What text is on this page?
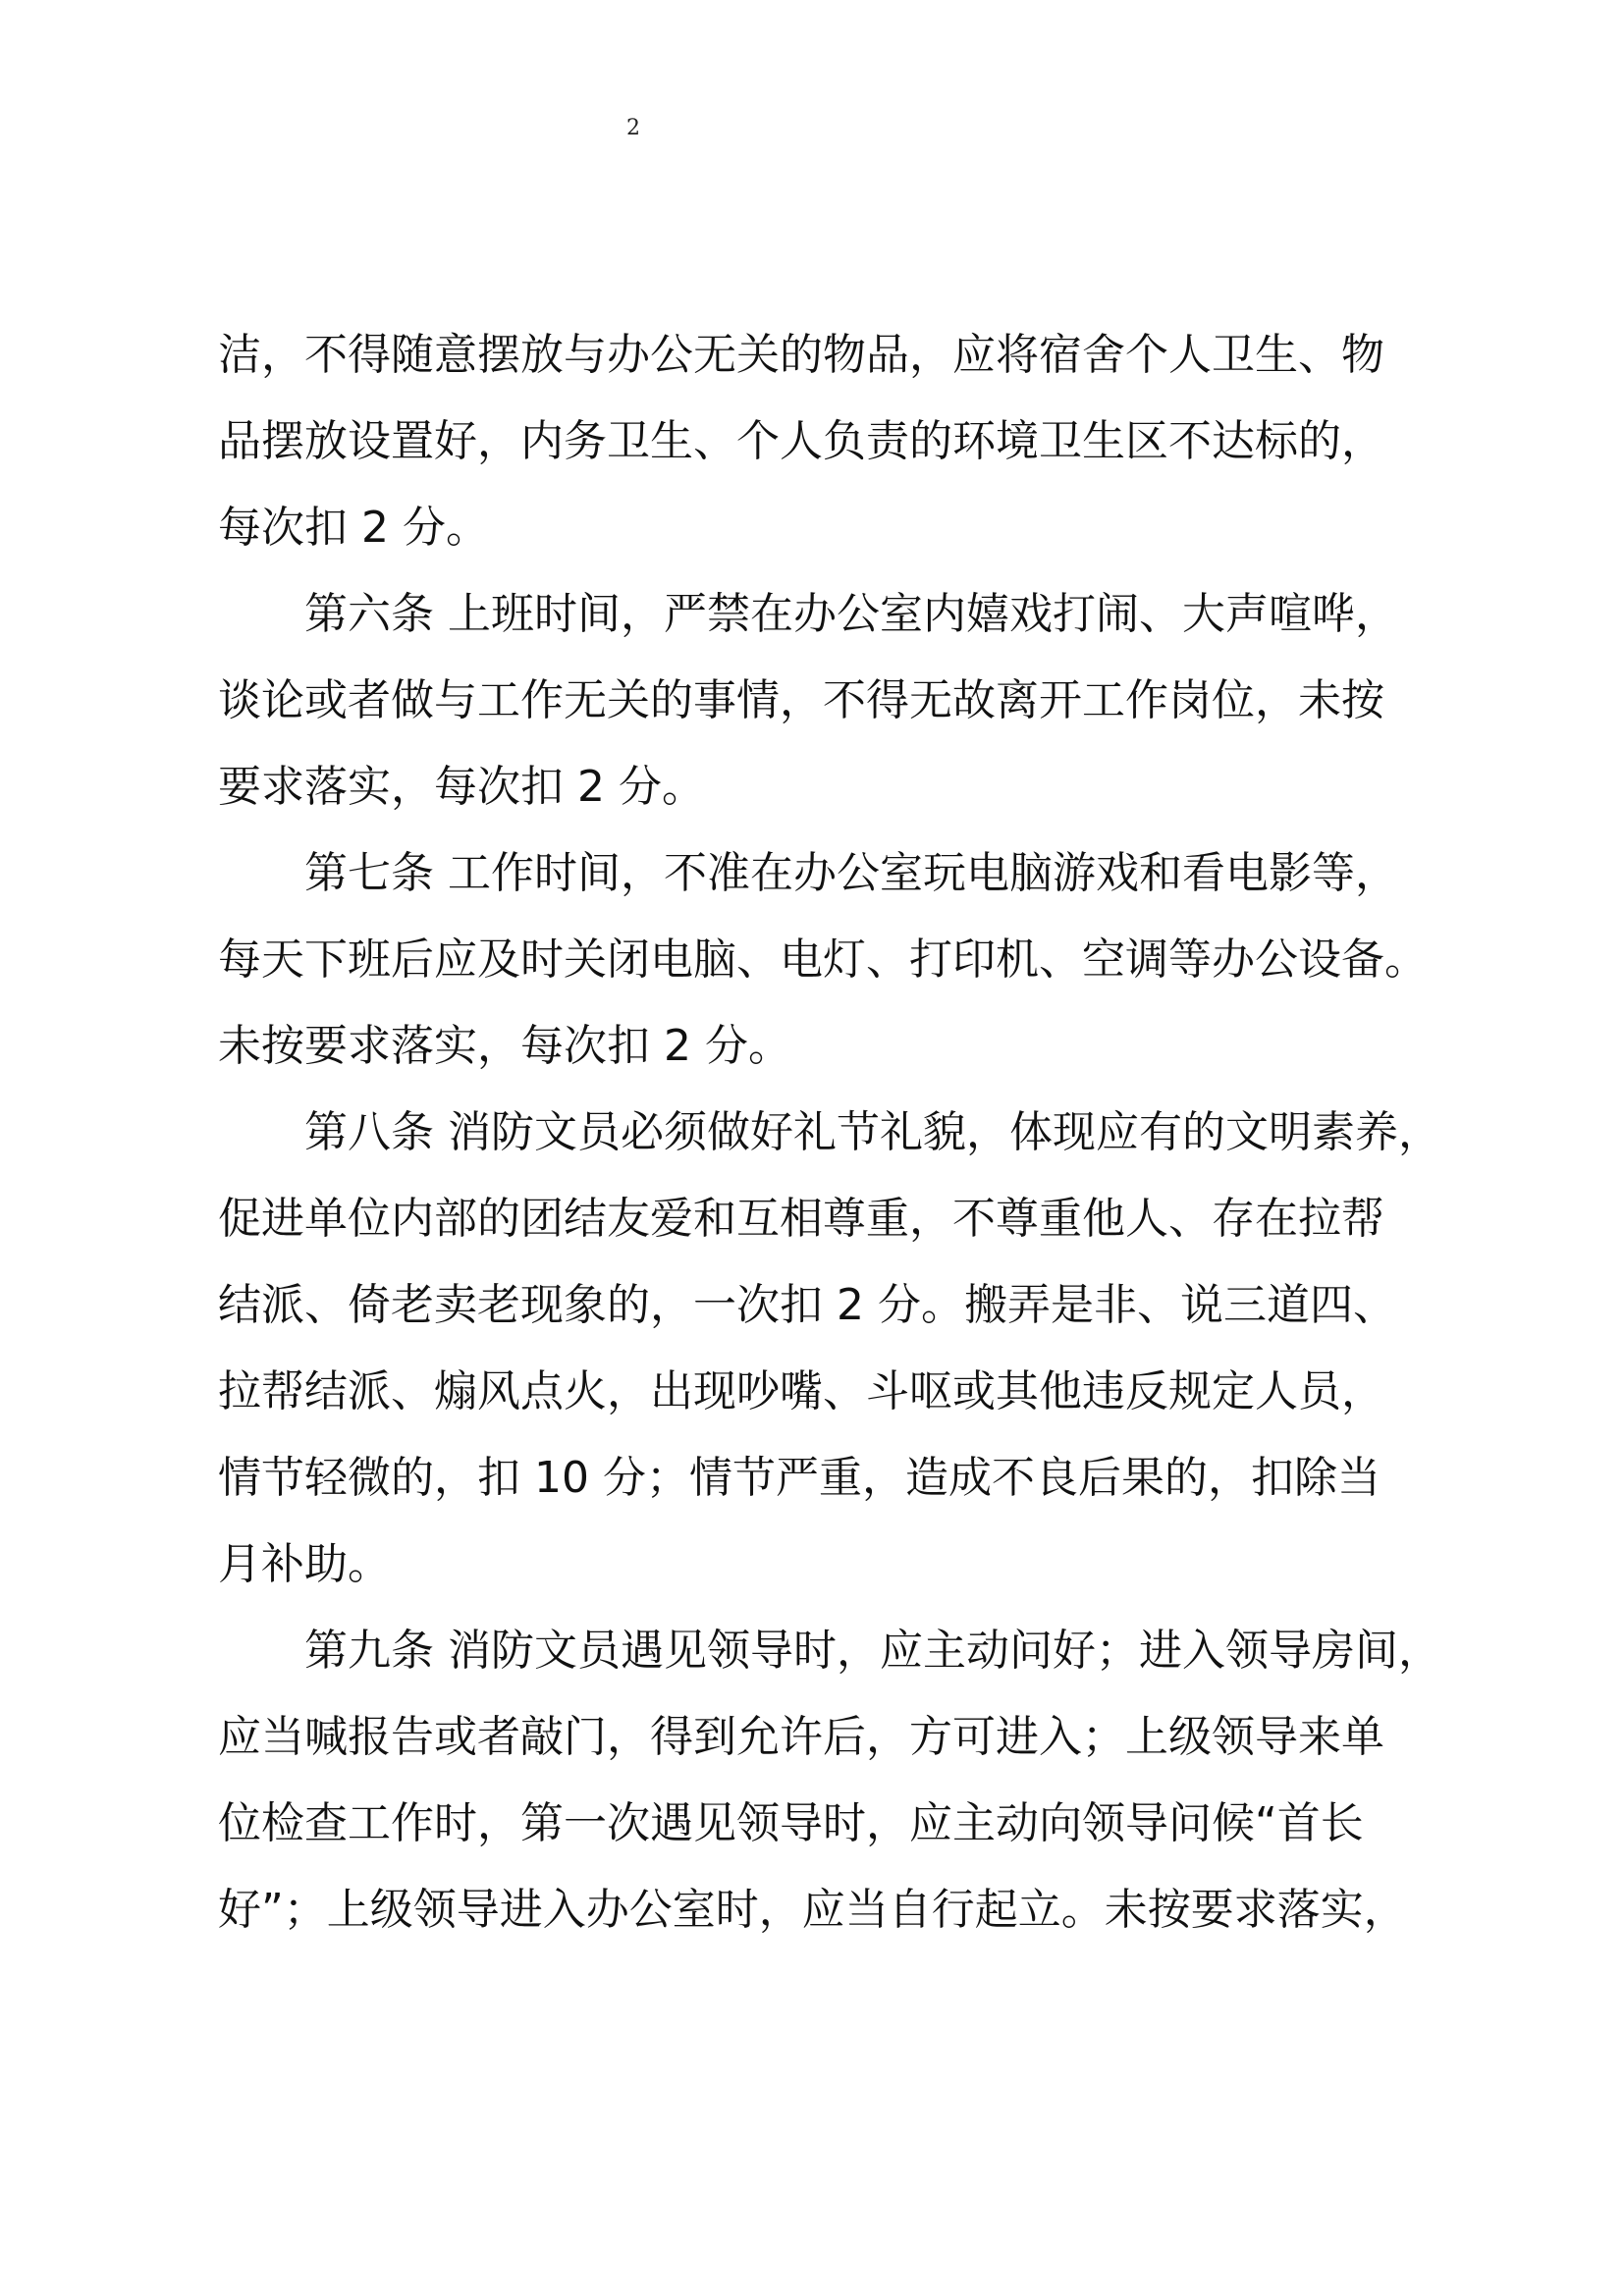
2

洁，不得随意摆放与办公无关的物品，应将宿舍个人卫生、物
品摆放设置好，内务卫生、个人负责的环境卫生区不达标的，
每次扣 2 分。

第六条 上班时间，严禁在办公室内嬉戏打闹、大声喧哗，
谈论或者做与工作无关的事情，不得无故离开工作岗位，未按
要求落实，每次扣 2 分。

第七条 工作时间，不准在办公室玩电脑游戏和看电影等，
每天下班后应及时关闭电脑、电灯、打印机、空调等办公设备。
未按要求落实，每次扣 2 分。

第八条 消防文员必须做好礼节礼貌，体现应有的文明素养，
促进单位内部的团结友爱和互相尊重，不尊重他人、存在拉帮
结派、倚老卖老现象的，一次扣 2 分。搬弄是非、说三道四、
拉帮结派、煽风点火，出现吵嘴、斗呕或其他违反规定人员，
情节轻微的，扣 10 分；情节严重，造成不良后果的，扣除当
月补助。

第九条 消防文员遇见领导时，应主动问好；进入领导房间，
应当喊报告或者敲门，得到允许后，方可进入；上级领导来单
位检查工作时，第一次遇见领导时，应主动向领导问候“首长
好”；上级领导进入办公室时，应当自行起立。未按要求落实，
